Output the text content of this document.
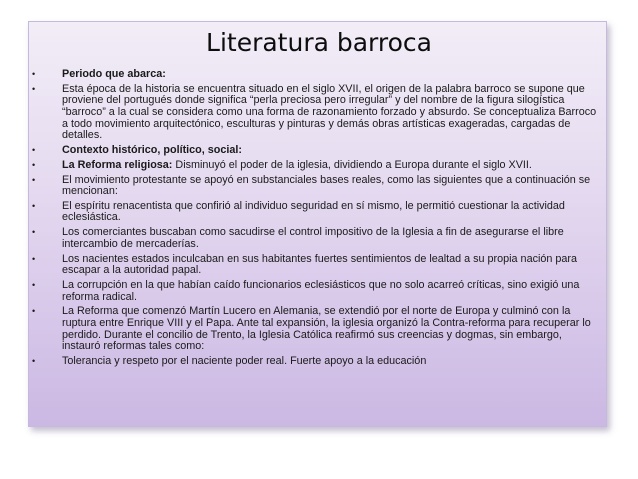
Literatura barroca
• Periodo que abarca:
• Esta época de la historia se encuentra situado en el siglo XVII, el origen de la palabra barroco se supone que proviene del portugués donde significa “perla preciosa pero irregular” y del nombre de la figura silogística “barroco” a la cual se considera como una forma de razonamiento forzado y absurdo. Se conceptualiza Barroco a todo movimiento arquitectónico, esculturas y pinturas y demás obras artísticas exageradas, cargadas de detalles.
• Contexto histórico, político, social:
• La Reforma religiosa: Disminuyó el poder de la iglesia, dividiendo a Europa durante el siglo XVII.
• El movimiento protestante se apoyó en substanciales bases reales, como las siguientes que a continuación se mencionan:
• El espíritu renacentista que confirió al individuo seguridad en sí mismo, le permitió cuestionar la actividad eclesiástica.
• Los comerciantes buscaban como sacudirse el control impositivo de la Iglesia a fin de asegurarse el libre intercambio de mercaderías.
• Los nacientes estados inculcaban en sus habitantes fuertes sentimientos de lealtad a su propia nación para escapar a la autoridad papal.
• La corrupción en la que habían caído funcionarios eclesiásticos que no solo acarreó críticas, sino exigió una reforma radical.
• La Reforma que comenzó Martín Lucero en Alemania, se extendió por el norte de Europa y culminó con la ruptura entre Enrique VIII y el Papa. Ante tal expansión, la iglesia organizó la Contra-reforma para recuperar lo perdido. Durante el concilio de Trento, la Iglesia Católica reafirmó sus creencias y dogmas, sin embargo, instauró reformas tales como:
• Tolerancia y respeto por el naciente poder real. Fuerte apoyo a la educación
